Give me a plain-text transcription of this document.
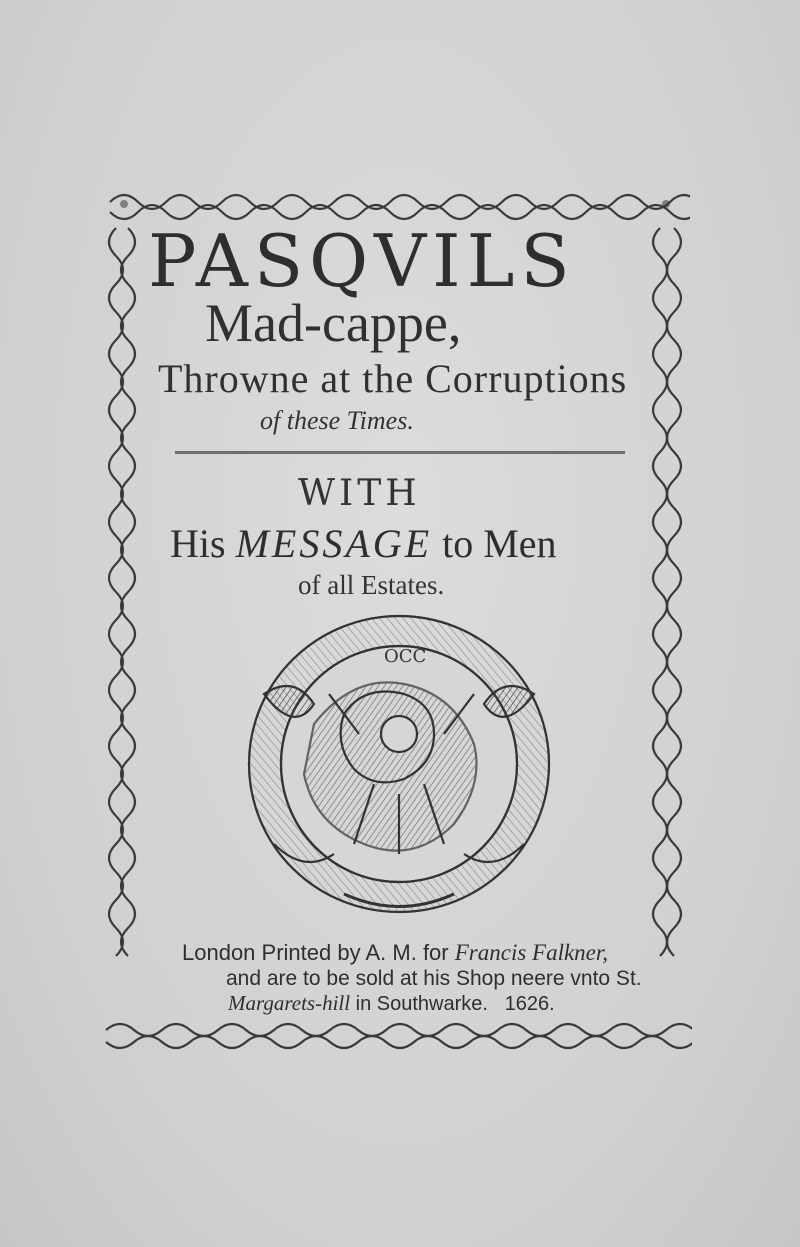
PASQVILS
Mad-cappe,
Throwne at the Corruptions
of these Times.
WITH
His MESSAGE to Men
of all Estates.
OCC
London Printed by A. M. for Francis Falkner,
and are to be sold at his Shop neere vnto St.
Margarets-hill in Southwarke. 1626.
